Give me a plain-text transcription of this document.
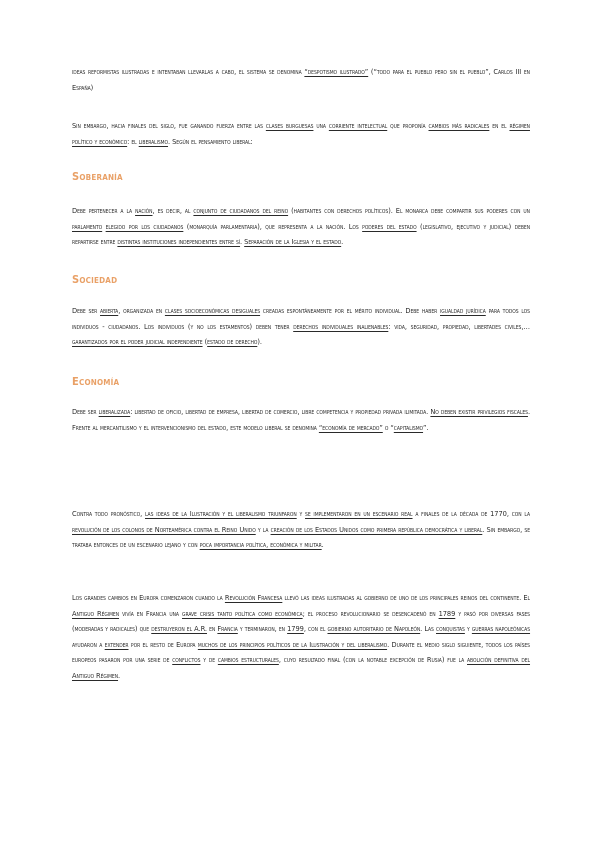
ideas reformistas ilustradas e intentaban llevarlas a cabo, el sistema se denomina “despotismo ilustrado” (“todo para el pueblo pero sin el pueblo”, Carlos III en España)

Sin embargo, hacia finales del siglo, fue ganando fuerza entre las clases burguesas una corriente intelectual que proponía cambios más radicales en el régimen político y económico: el liberalismo. Según el pensamiento liberal:

Soberanía

Debe pertenecer a la nación, es decir, al conjunto de ciudadanos del reino (habitantes con derechos políticos). El monarca debe compartir sus poderes con un parlamento elegido por los ciudadanos (monarquía parlamentaria), que representa a la nación. Los poderes del estado (legislativo, ejecutivo y judicial) deben repartirse entre distintas instituciones independientes entre sí. Separación de la Iglesia y el estado.

Sociedad

Debe ser abierta, organizada en clases socioeconómicas desiguales creadas espontáneamente por el mérito individual. Debe haber igualdad jurídica para todos los individuos - ciudadanos. Los individuos (y no los estamentos) deben tener derechos individuales inalienables: vida, seguridad, propiedad, libertades civiles,… garantizados por el poder judicial independiente (estado de derecho).

Economía

Debe ser liberalizada: libertad de oficio, libertad de empresa, libertad de comercio, libre competencia y propiedad privada ilimitada. No deben existir privilegios fiscales. Frente al mercantilismo y el intervencionismo del estado, este modelo liberal se denomina “economía de mercado” o “capitalismo”.

Contra todo pronóstico, las ideas de la Ilustración y el liberalismo triunfaron y se implementaron en un escenario real a finales de la década de 1770, con la revolución de los colonos de Norteamérica contra el Reino Unido y la creación de los Estados Unidos como primera república democrática y liberal. Sin embargo, se trataba entonces de un escenario lejano y con poca importancia política, económica y militar.

Los grandes cambios en Europa comenzaron cuando la Revolución Francesa llevó las ideas ilustradas al gobierno de uno de los principales reinos del continente. El Antiguo Régimen vivía en Francia una grave crisis tanto política como económica; el proceso revolucionario se desencadenó en 1789 y pasó por diversas fases (moderadas y radicales) que destruyeron el A.R. en Francia y terminaron, en 1799, con el gobierno autoritario de Napoleón. Las conquistas y guerras napoleónicas ayudaron a extender por el resto de Europa muchos de los principios políticos de la Ilustración y del liberalismo. Durante el medio siglo siguiente, todos los países europeos pasaron por una serie de conflictos y de cambios estructurales, cuyo resultado final (con la notable excepción de Rusia) fue la abolición definitiva del Antiguo Régimen.
